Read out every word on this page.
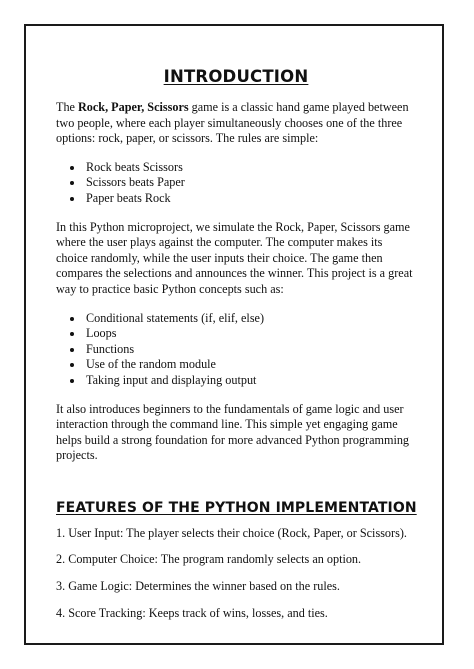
INTRODUCTION

The Rock, Paper, Scissors game is a classic hand game played between two people, where each player simultaneously chooses one of the three options: rock, paper, or scissors. The rules are simple:

• Rock beats Scissors
• Scissors beats Paper
• Paper beats Rock

In this Python microproject, we simulate the Rock, Paper, Scissors game where the user plays against the computer. The computer makes its choice randomly, while the user inputs their choice. The game then compares the selections and announces the winner. This project is a great way to practice basic Python concepts such as:

• Conditional statements (if, elif, else)
• Loops
• Functions
• Use of the random module
• Taking input and displaying output

It also introduces beginners to the fundamentals of game logic and user interaction through the command line. This simple yet engaging game helps build a strong foundation for more advanced Python programming projects.

FEATURES OF THE PYTHON IMPLEMENTATION

1. User Input: The player selects their choice (Rock, Paper, or Scissors).

2. Computer Choice: The program randomly selects an option.

3. Game Logic: Determines the winner based on the rules.

4. Score Tracking: Keeps track of wins, losses, and ties.
